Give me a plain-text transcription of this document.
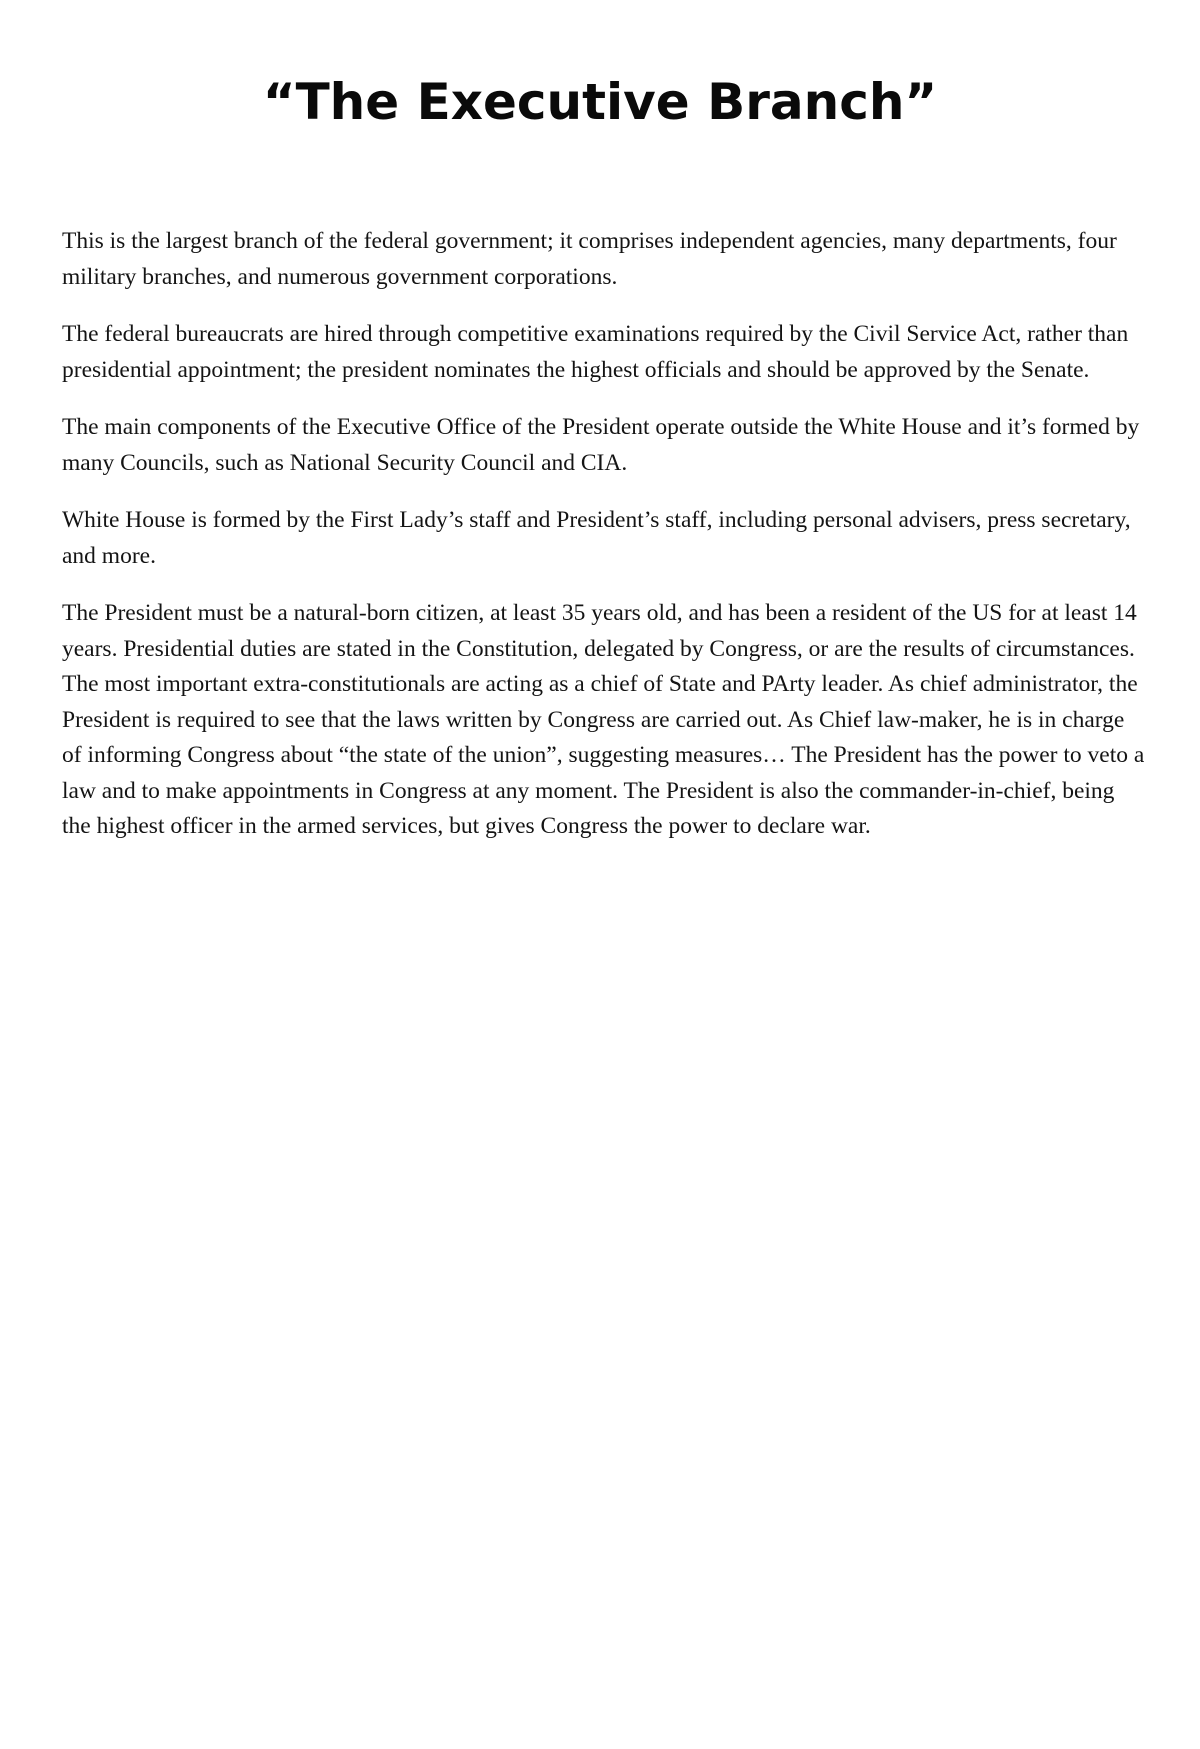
“The Executive Branch”

This is the largest branch of the federal government; it comprises independent agencies, many departments, four military branches, and numerous government corporations.

The federal bureaucrats are hired through competitive examinations required by the Civil Service Act, rather than presidential appointment; the president nominates the highest officials and should be approved by the Senate.

The main components of the Executive Office of the President operate outside the White House and it’s formed by many Councils, such as National Security Council and CIA.

White House is formed by the First Lady’s staff and President’s staff, including personal advisers, press secretary, and more.

The President must be a natural-born citizen, at least 35 years old, and has been a resident of the US for at least 14 years. Presidential duties are stated in the Constitution, delegated by Congress, or are the results of circumstances. The most important extra-constitutionals are acting as a chief of State and PArty leader. As chief administrator, the President is required to see that the laws written by Congress are carried out. As Chief law-maker, he is in charge of informing Congress about “the state of the union”, suggesting measures… The President has the power to veto a law and to make appointments in Congress at any moment. The President is also the commander-in-chief, being the highest officer in the armed services, but gives Congress the power to declare war.
